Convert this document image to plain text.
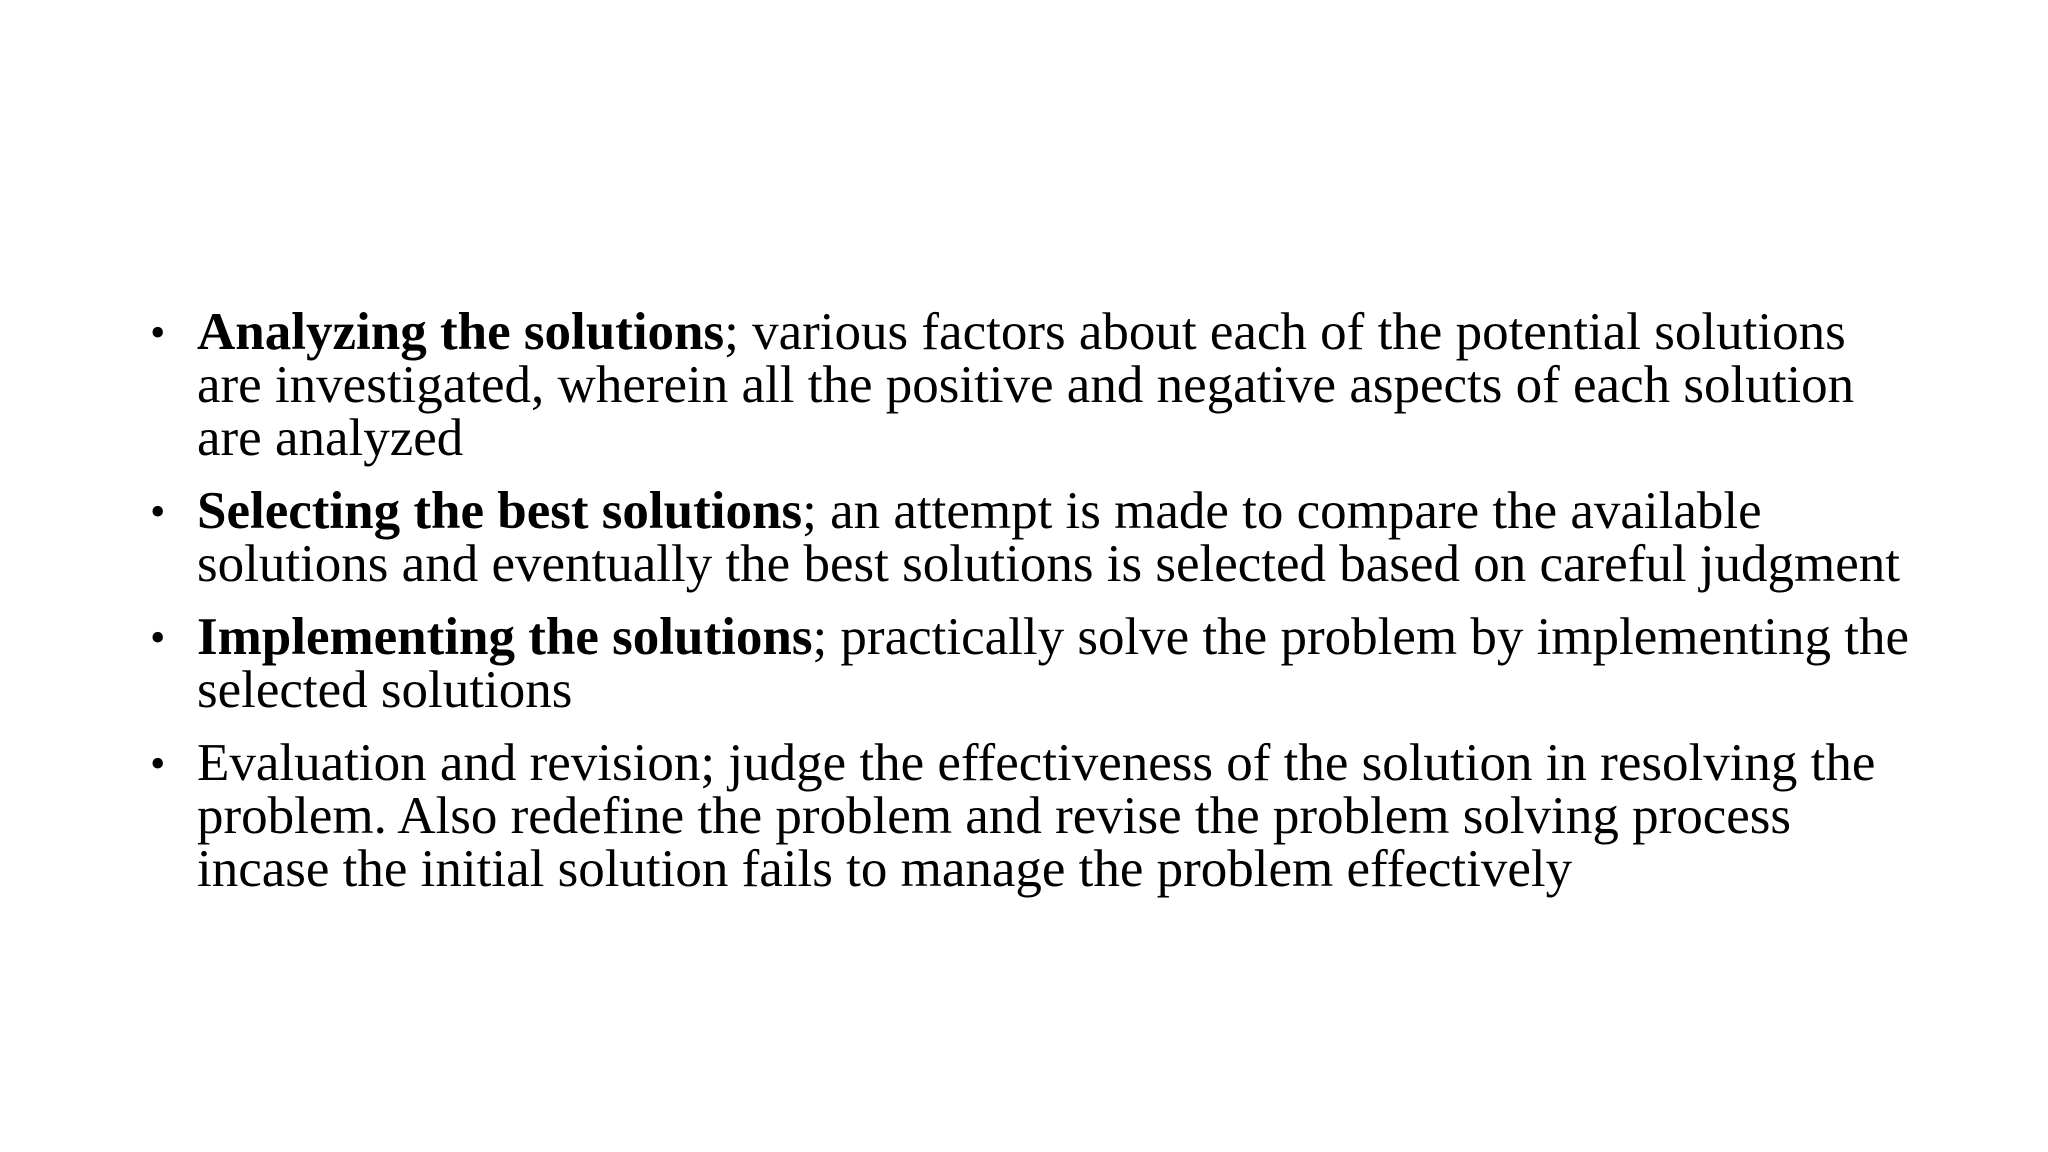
• Analyzing the solutions; various factors about each of the potential solutions are investigated, wherein all the positive and negative aspects of each solution are analyzed
• Selecting the best solutions; an attempt is made to compare the available solutions and eventually the best solutions is selected based on careful judgment
• Implementing the solutions; practically solve the problem by implementing the selected solutions
• Evaluation and revision; judge the effectiveness of the solution in resolving the problem. Also redefine the problem and revise the problem solving process incase the initial solution fails to manage the problem effectively
